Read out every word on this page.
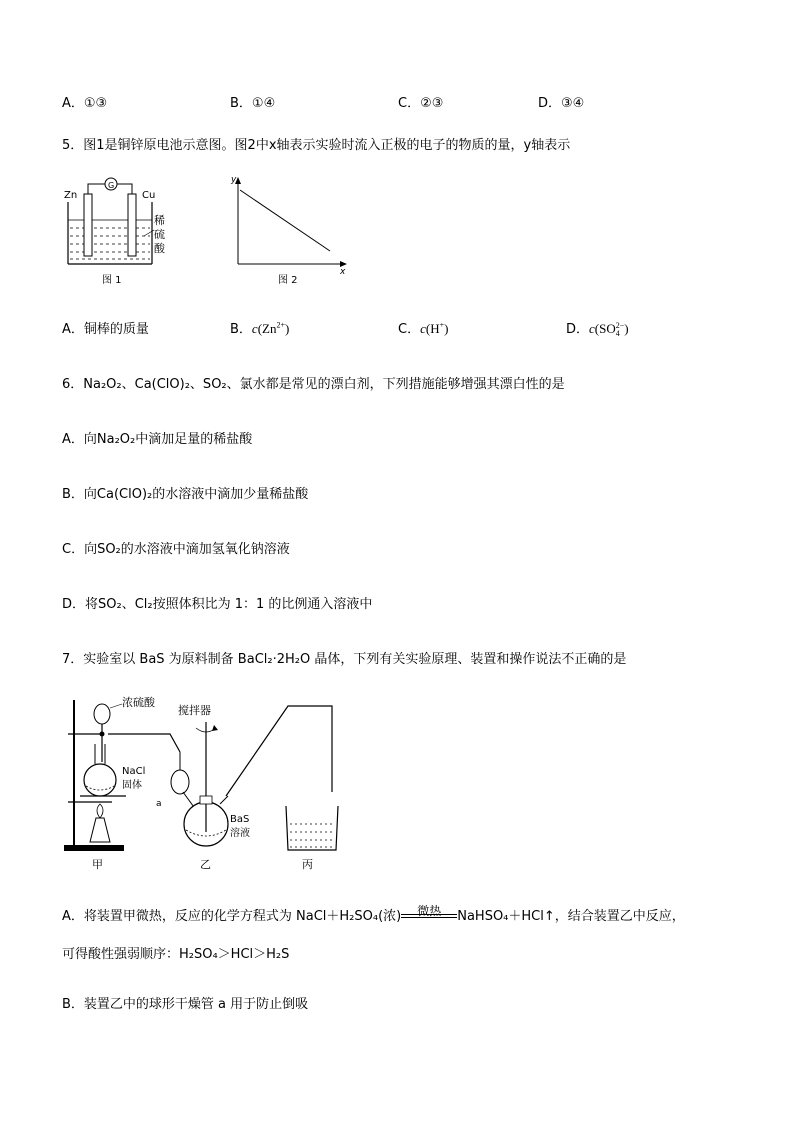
A．①③	B．①④	C．②③	D．③④
5．图1是铜锌原电池示意图。图2中x轴表示实验时流入正极的电子的物质的量，y轴表示
G
Zn	Cu
稀
硫
酸
图 1
y
x
图 2
A．铜棒的质量	B．$c(Zn^{2+})$	C．c(H+)	D．c(SO 2−
4 )
6．Na₂O₂、Ca(ClO)₂、SO₂、氯水都是常见的漂白剂，下列措施能够增强其漂白性的是
A．向Na₂O₂中滴加足量的稀盐酸
B．向Ca(ClO)₂的水溶液中滴加少量稀盐酸
C．向SO₂的水溶液中滴加氢氧化钠溶液
D．将SO₂、Cl₂按照体积比为 1：1 的比例通入溶液中
7．实验室以 BaS 为原料制备 BaCl₂·2H₂O 晶体，下列有关实验原理、装置和操作说法不正确的是
浓硫酸
NaCl
固体
甲
a
搅拌器
BaS
溶液
乙	丙
A．将装置甲微热，反应的化学方程式为 NaCl＋H₂SO₄(浓)	微热	NaHSO₄＋HCl↑，结合装置乙中反应，
可得酸性强弱顺序：H₂SO₄＞HCl＞H₂S
B．装置乙中的球形干燥管 a 用于防止倒吸
